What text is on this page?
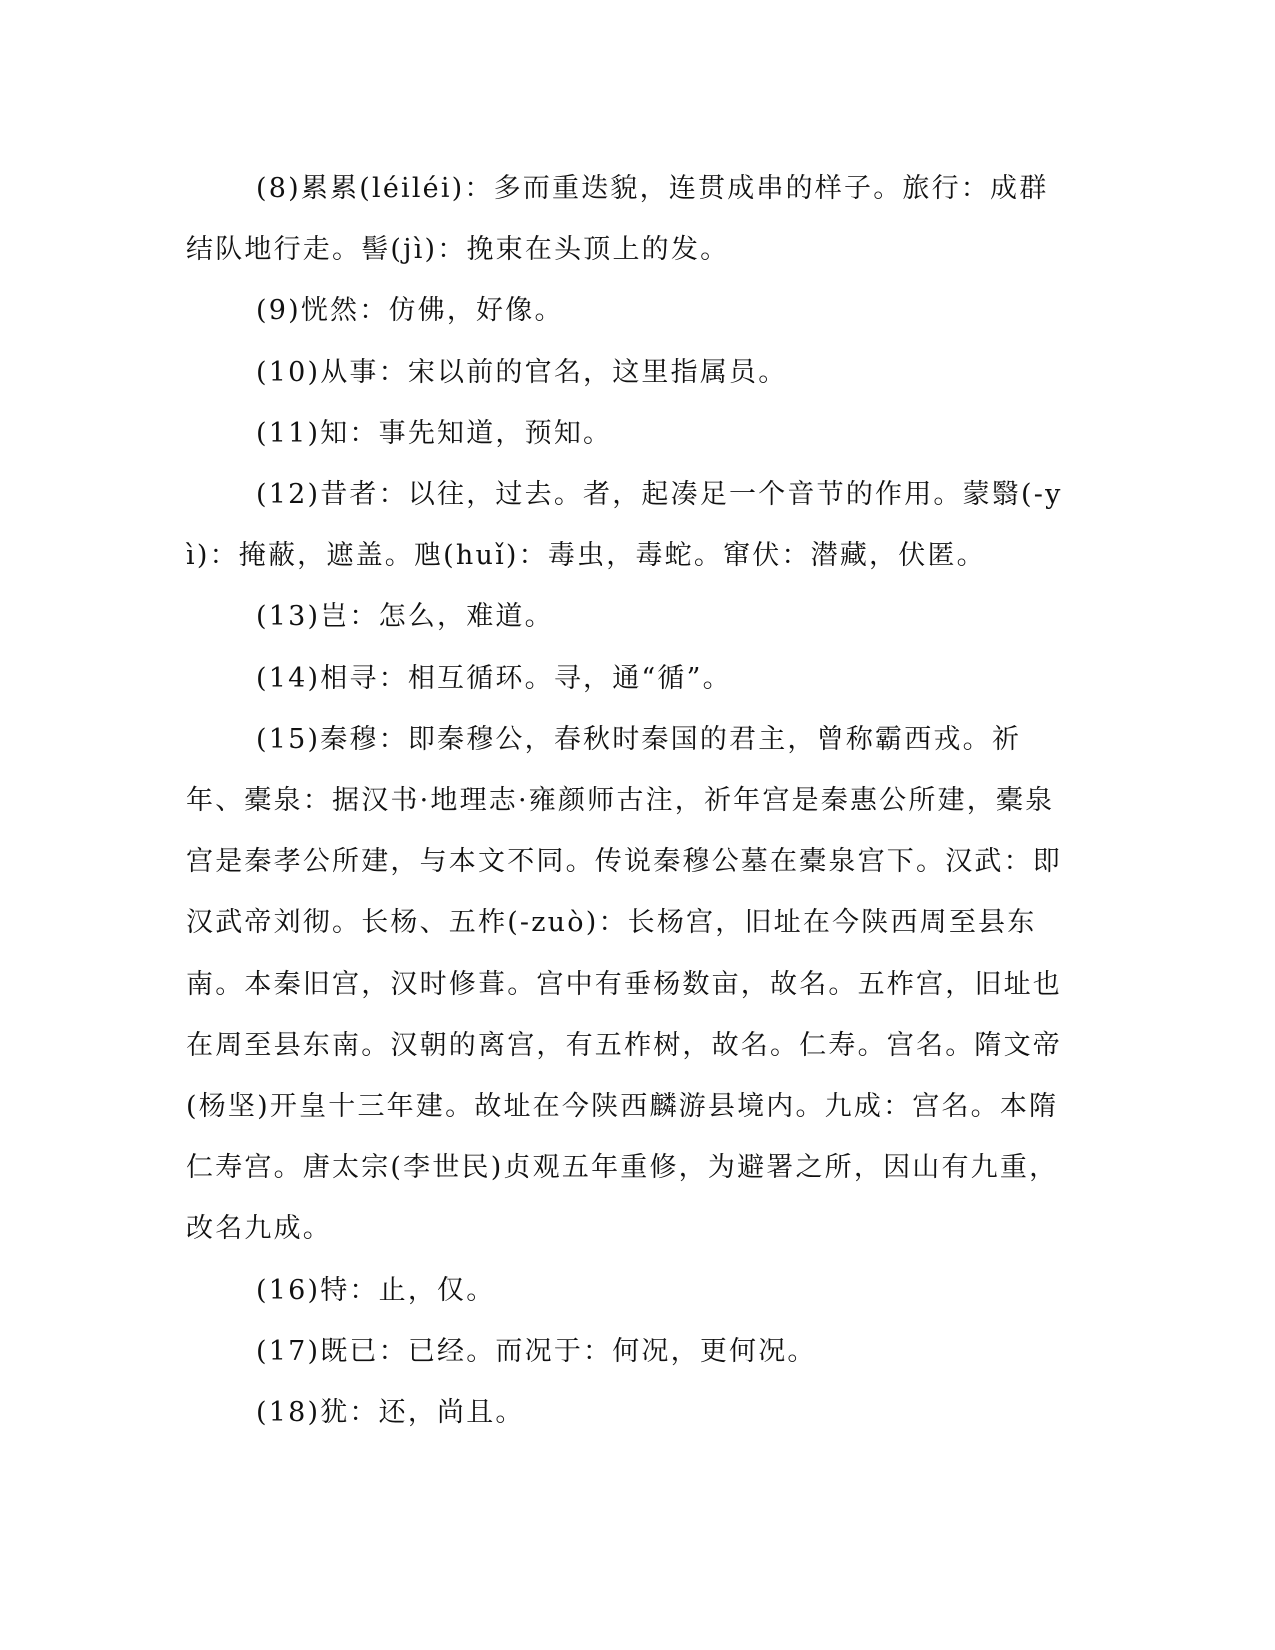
(8)累累(léiléi)：多而重迭貌，连贯成串的样子。旅行：成群结队地行走。髻(jì)：挽束在头顶上的发。

(9)恍然：仿佛，好像。

(10)从事：宋以前的官名，这里指属员。

(11)知：事先知道，预知。

(12)昔者：以往，过去。者，起凑足一个音节的作用。蒙翳(-yì)：掩蔽，遮盖。虺(huǐ)：毒虫，毒蛇。窜伏：潜藏，伏匿。

(13)岂：怎么，难道。

(14)相寻：相互循环。寻，通“循”。

(15)秦穆：即秦穆公，春秋时秦国的君主，曾称霸西戎。祈年、橐泉：据汉书·地理志·雍颜师古注，祈年宫是秦惠公所建，橐泉宫是秦孝公所建，与本文不同。传说秦穆公墓在橐泉宫下。汉武：即汉武帝刘彻。长杨、五柞(-zuò)：长杨宫，旧址在今陕西周至县东南。本秦旧宫，汉时修葺。宫中有垂杨数亩，故名。五柞宫，旧址也在周至县东南。汉朝的离宫，有五柞树，故名。仁寿。宫名。隋文帝(杨坚)开皇十三年建。故址在今陕西麟游县境内。九成：宫名。本隋仁寿宫。唐太宗(李世民)贞观五年重修，为避署之所，因山有九重，改名九成。

(16)特：止，仅。

(17)既已：已经。而况于：何况，更何况。

(18)犹：还，尚且。
